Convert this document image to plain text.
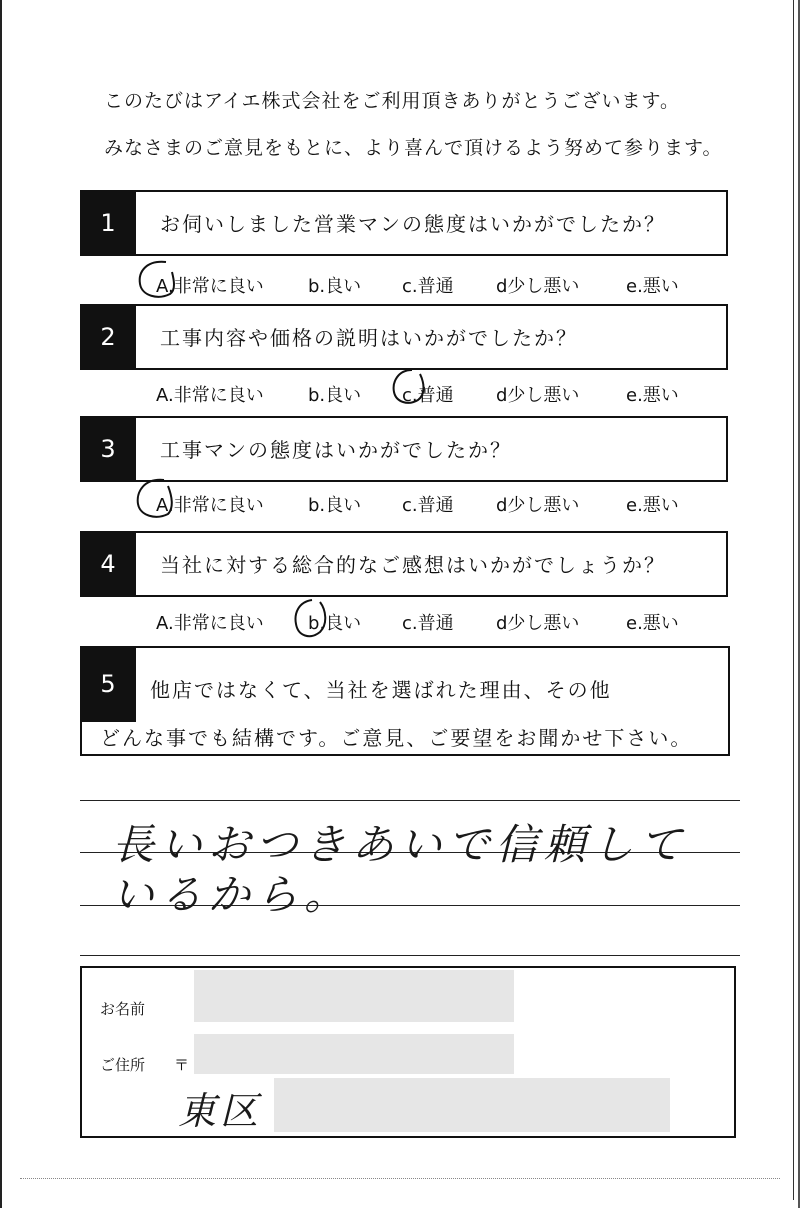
このたびはアイエ株式会社をご利用頂きありがとうございます。
みなさまのご意見をもとに、より喜んで頂けるよう努めて参ります。
1	お伺いしました営業マンの態度はいかがでしたか？
A.非常に良い b.良い c.普通 d少し悪い	e.悪い
2	工事内容や価格の説明はいかがでしたか？
A.非常に良い b.良い c.普通 d少し悪い	e.悪い
3	工事マンの態度はいかがでしたか？
A.非常に良い b.良い c.普通 d少し悪い	e.悪い
4	当社に対する総合的なご感想はいかがでしょうか？
A.非常に良い b.良い c.普通 d少し悪い	e.悪い
5	他店ではなくて、当社を選ばれた理由、その他
どんな事でも結構です。ご意見、ご要望をお聞かせ下さい。
長いおつきあいで信頼して
いるから。
お名前
ご住所 〒
東区
